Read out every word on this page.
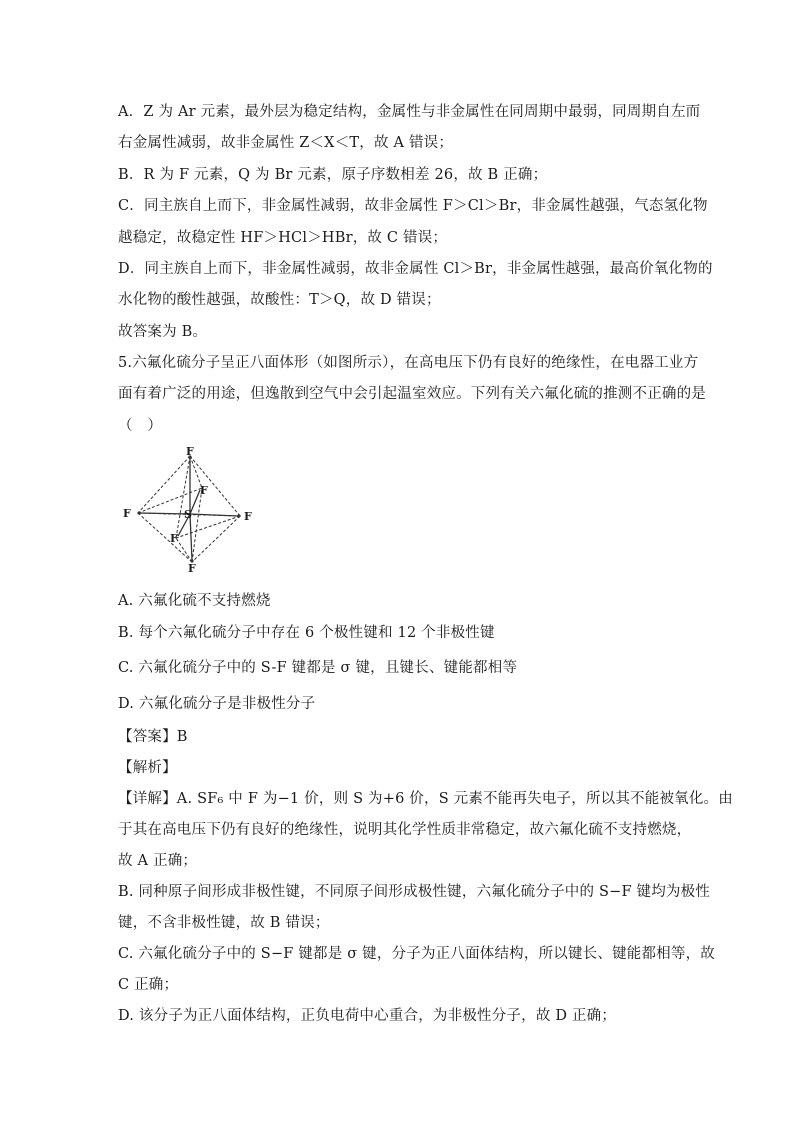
A．Z 为 Ar 元素，最外层为稳定结构，金属性与非金属性在同周期中最弱，同周期自左而
右金属性减弱，故非金属性 Z＜X＜T，故 A 错误；
B．R 为 F 元素，Q 为 Br 元素，原子序数相差 26，故 B 正确；
C．同主族自上而下，非金属性减弱，故非金属性 F＞Cl＞Br，非金属性越强，气态氢化物
越稳定，故稳定性 HF＞HCl＞HBr，故 C 错误；
D．同主族自上而下，非金属性减弱，故非金属性 Cl＞Br，非金属性越强，最高价氧化物的
水化物的酸性越强，故酸性：T＞Q，故 D 错误；
故答案为 B。
5.六氟化硫分子呈正八面体形（如图所示），在高电压下仍有良好的绝缘性，在电器工业方
面有着广泛的用途，但逸散到空气中会引起温室效应。下列有关六氟化硫的推测不正确的是
（　）
F
F
F	S	F
F
F
A. 六氟化硫不支持燃烧
B. 每个六氟化硫分子中存在 6 个极性键和 12 个非极性键
C. 六氟化硫分子中的 S-F 键都是 σ 键，且键长、键能都相等
D. 六氟化硫分子是非极性分子
【答案】B
【解析】
【详解】A. SF₆ 中 F 为−1 价，则 S 为+6 价，S 元素不能再失电子，所以其不能被氧化。由
于其在高电压下仍有良好的绝缘性，说明其化学性质非常稳定，故六氟化硫不支持燃烧，
故 A 正确；
B. 同种原子间形成非极性键，不同原子间形成极性键，六氟化硫分子中的 S−F 键均为极性
键，不含非极性键，故 B 错误；
C. 六氟化硫分子中的 S−F 键都是 σ 键，分子为正八面体结构，所以键长、键能都相等，故
C 正确；
D. 该分子为正八面体结构，正负电荷中心重合，为非极性分子，故 D 正确；
